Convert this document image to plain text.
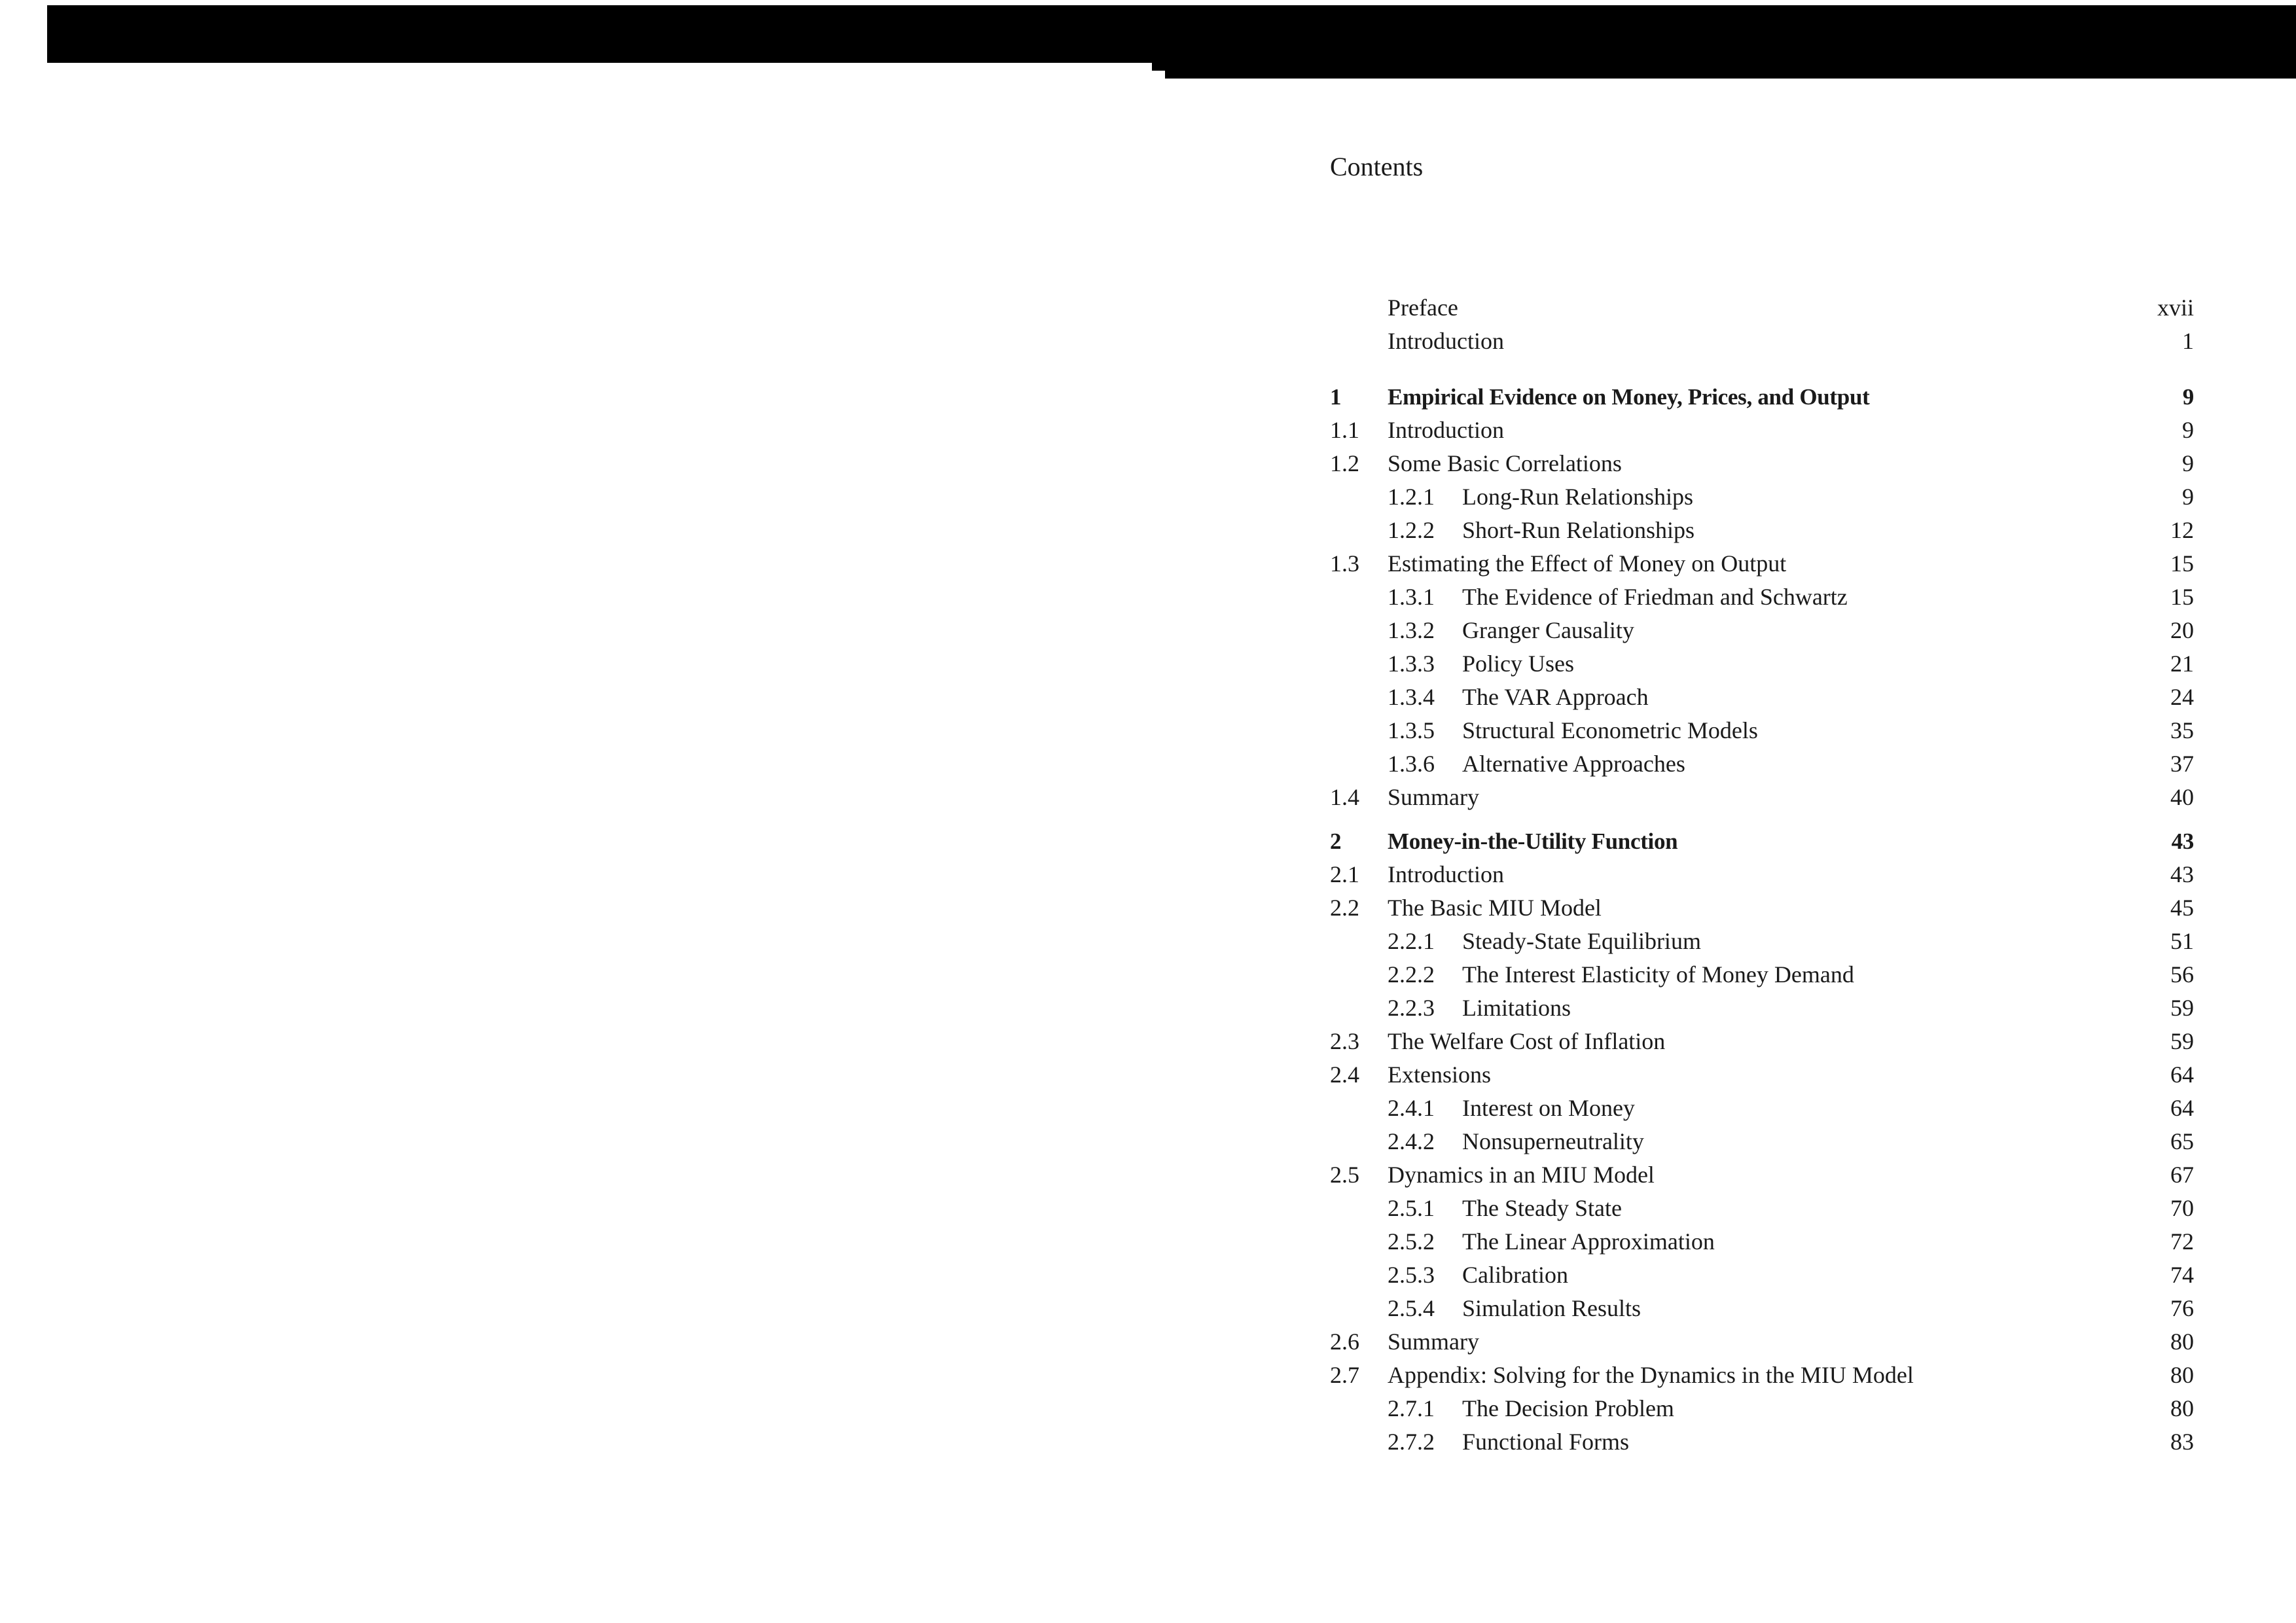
Contents
Preface	xvii
Introduction	1
1 Empirical Evidence on Money, Prices, and Output	9
1.1 Introduction	9
1.2 Some Basic Correlations	9
1.2.1 Long-Run Relationships	9
1.2.2 Short-Run Relationships	12
1.3 Estimating the Effect of Money on Output	15
1.3.1 The Evidence of Friedman and Schwartz	15
1.3.2 Granger Causality	20
1.3.3 Policy Uses	21
1.3.4 The VAR Approach	24
1.3.5 Structural Econometric Models	35
1.3.6 Alternative Approaches	37
1.4 Summary	40
2 Money-in-the-Utility Function	43
2.1 Introduction	43
2.2 The Basic MIU Model	45
2.2.1 Steady-State Equilibrium	51
2.2.2 The Interest Elasticity of Money Demand	56
2.2.3 Limitations	59
2.3 The Welfare Cost of Inflation	59
2.4 Extensions	64
2.4.1 Interest on Money	64
2.4.2 Nonsuperneutrality	65
2.5 Dynamics in an MIU Model	67
2.5.1 The Steady State	70
2.5.2 The Linear Approximation	72
2.5.3 Calibration	74
2.5.4 Simulation Results	76
2.6 Summary	80
2.7 Appendix: Solving for the Dynamics in the MIU Model	80
2.7.1 The Decision Problem	80
2.7.2 Functional Forms	83
